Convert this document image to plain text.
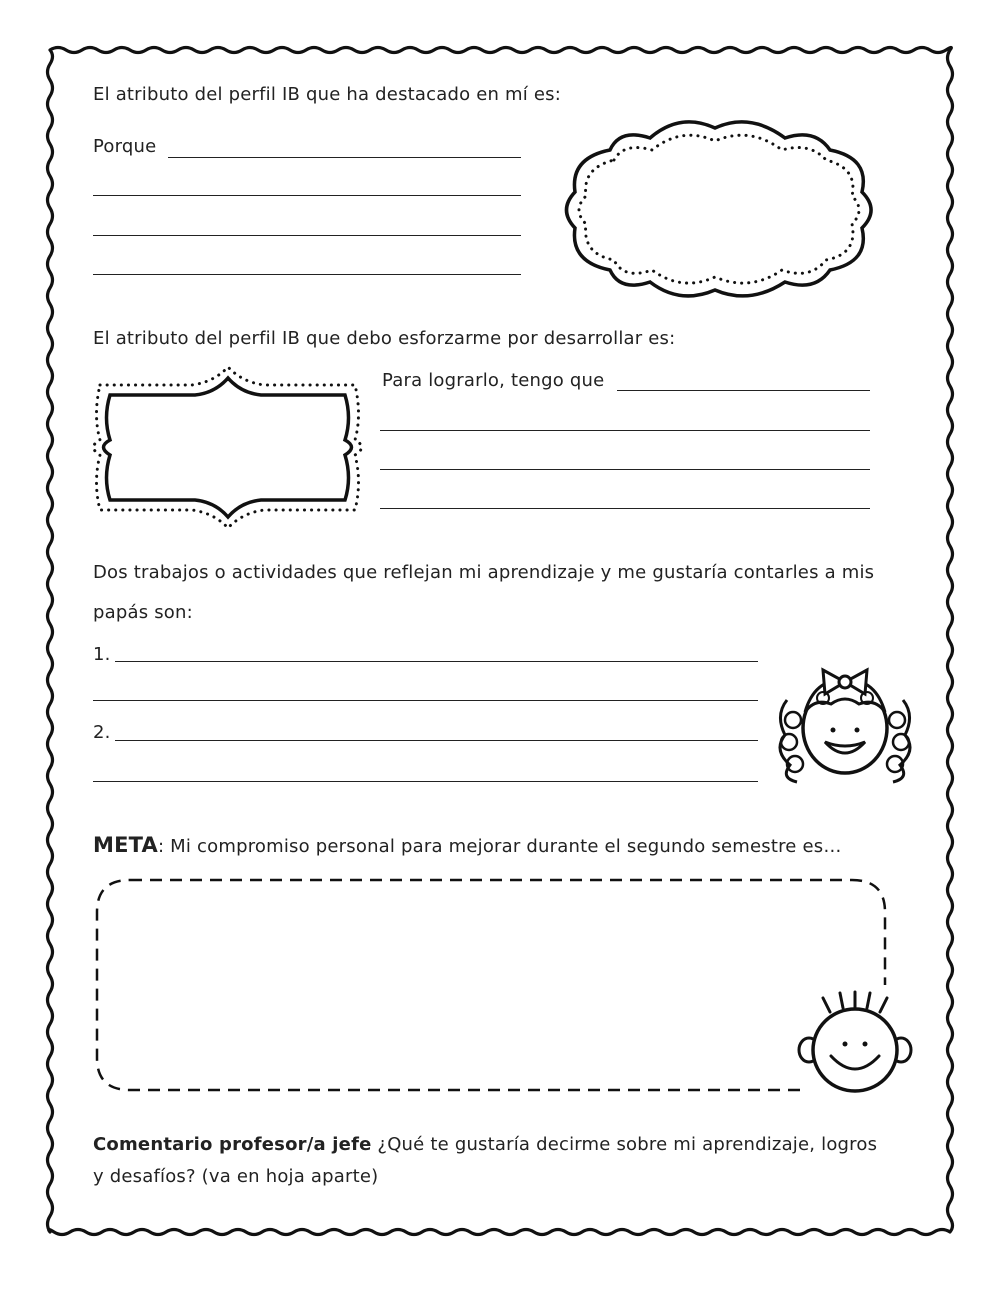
El atributo del perfil IB que ha destacado en mí es:
Porque
El atributo del perfil IB que debo esforzarme por desarrollar es:
Para lograrlo, tengo que
Dos trabajos o actividades que reflejan mi aprendizaje y me gustaría contarles a mis
papás son:
1.
2.
META: Mi compromiso personal para mejorar durante el segundo semestre es…
Comentario profesor/a jefe ¿Qué te gustaría decirme sobre mi aprendizaje, logros
y desafíos? (va en hoja aparte)
